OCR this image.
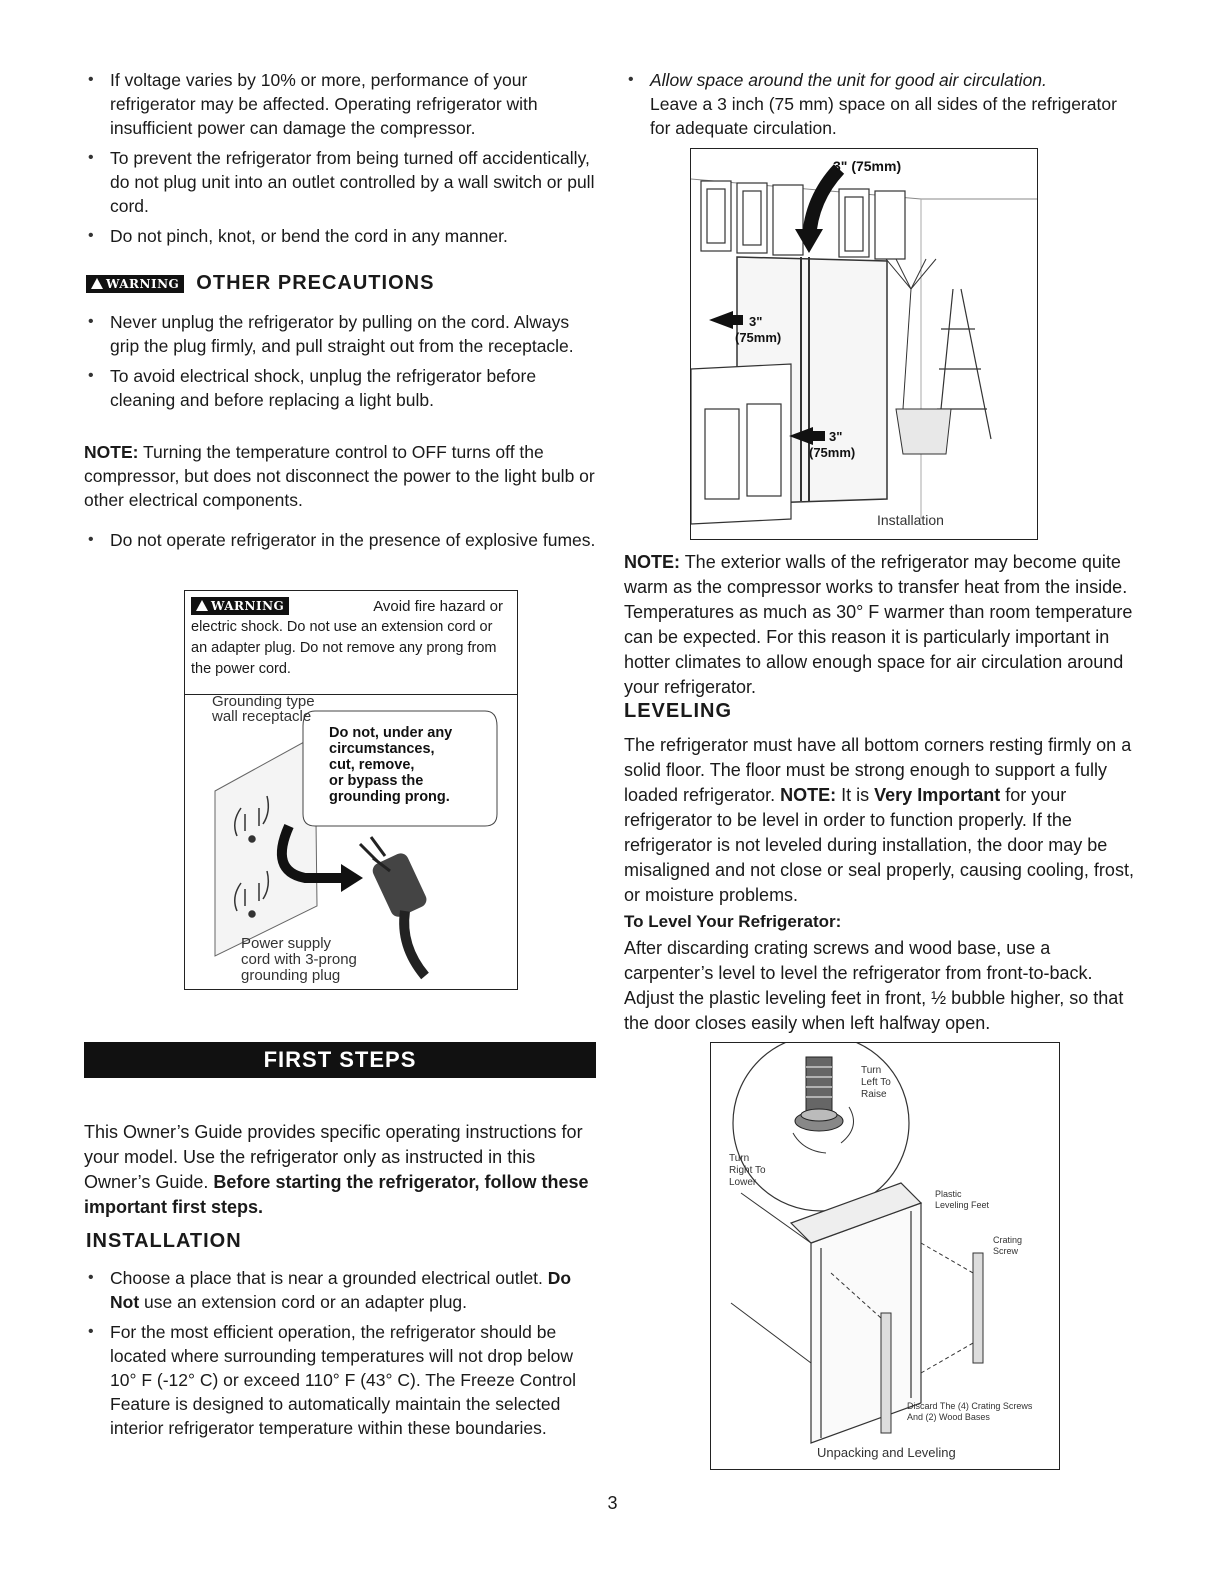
• If voltage varies by 10% or more, performance of your refrigerator may be affected. Operating refrigerator with insufficient power can damage the compressor.
• To prevent the refrigerator from being turned off accidentically, do not plug unit into an outlet controlled by a wall switch or pull cord.
• Do not pinch, knot, or bend the cord in any manner.
WARNING OTHER PRECAUTIONS
• Never unplug the refrigerator by pulling on the cord. Always grip the plug firmly, and pull straight out from the receptacle.
• To avoid electrical shock, unplug the refrigerator before cleaning and before replacing a light bulb.

NOTE: Turning the temperature control to OFF turns off the compressor, but does not disconnect the power to the light bulb or other electrical components.

• Do not operate refrigerator in the presence of explosive fumes.
WARNING	Avoid fire hazard or
electric shock. Do not use an extension cord or an adapter plug. Do not remove any prong from the power cord.
Grounding type
wall receptacle
Do not, under any
circumstances,
cut, remove,
or bypass the
grounding prong.
Power supply
cord with 3-prong
grounding plug
FIRST STEPS

This Owner’s Guide provides specific operating instructions for your model. Use the refrigerator only as instructed in this Owner’s Guide. Before starting the refrigerator, follow these important first steps.

INSTALLATION
• Choose a place that is near a grounded electrical outlet. Do Not use an extension cord or an adapter plug.
• For the most efficient operation, the refrigerator should be located where surrounding temperatures will not drop below 10° F (-12° C) or exceed 110° F (43° C). The Freeze Control Feature is designed to automatically maintain the selected interior refrigerator temperature within these boundaries.
• Allow space around the unit for good air circulation.
Leave a 3 inch (75 mm) space on all sides of the refrigerator for adequate circulation.
3" (75mm)
3"
(75mm)
3"
(75mm)
Installation

NOTE: The exterior walls of the refrigerator may become quite warm as the compressor works to transfer heat from the inside. Temperatures as much as 30° F warmer than room temperature can be expected. For this reason it is particularly important in hotter climates to allow enough space for air circulation around your refrigerator.

LEVELING

The refrigerator must have all bottom corners resting firmly on a solid floor. The floor must be strong enough to support a fully loaded refrigerator. NOTE: It is Very Important for your refrigerator to be level in order to function properly. If the refrigerator is not leveled during installation, the door may be misaligned and not close or seal properly, causing cooling, frost, or moisture problems.

To Level Your Refrigerator:

After discarding crating screws and wood base, use a carpenter’s level to level the refrigerator from front-to-back. Adjust the plastic leveling feet in front, ½ bubble higher, so that the door closes easily when left halfway open.

Turn
Left To
Raise
Turn
Right To
Lower
Plastic
Leveling Feet
Crating
Screw
Discard The (4) Crating Screws
And (2) Wood Bases
Unpacking and Leveling
3
